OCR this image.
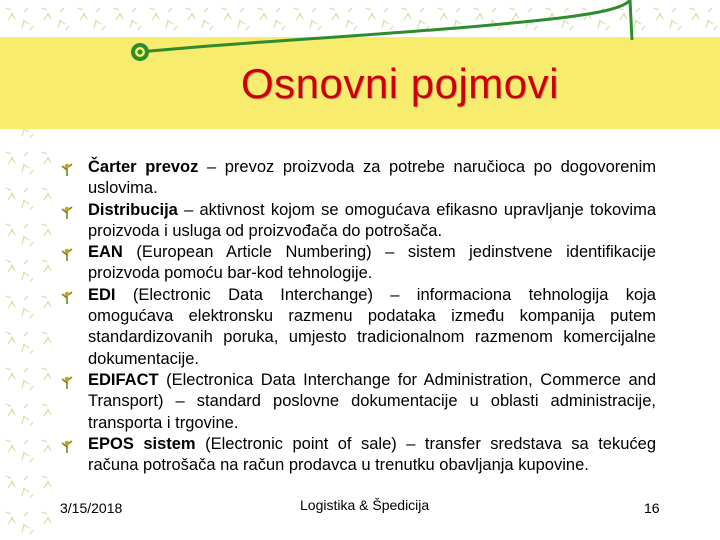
Osnovni pojmovi
Čarter prevoz – prevoz proizvoda za potrebe naručioca po dogovorenim uslovima.
Distribucija – aktivnost kojom se omogućava efikasno upravljanje tokovima proizvoda i usluga od proizvođača do potrošača.
EAN (European Article Numbering) – sistem jedinstvene identifikacije proizvoda pomoću bar-kod tehnologije.
EDI (Electronic Data Interchange) – informaciona tehnologija koja omogućava elektronsku razmenu podataka između kompanija putem standardizovanih poruka, umjesto tradicionalnom razmenom komercijalne dokumentacije.
EDIFACT (Electronica Data Interchange for Administration, Commerce and Transport) – standard poslovne dokumentacije u oblasti administracije, transporta i trgovine.
EPOS sistem (Electronic point of sale) – transfer sredstava sa tekućeg računa potrošača na račun prodavca u trenutku obavljanja kupovine.
3/15/2018	Logistika & Špedicija	16
